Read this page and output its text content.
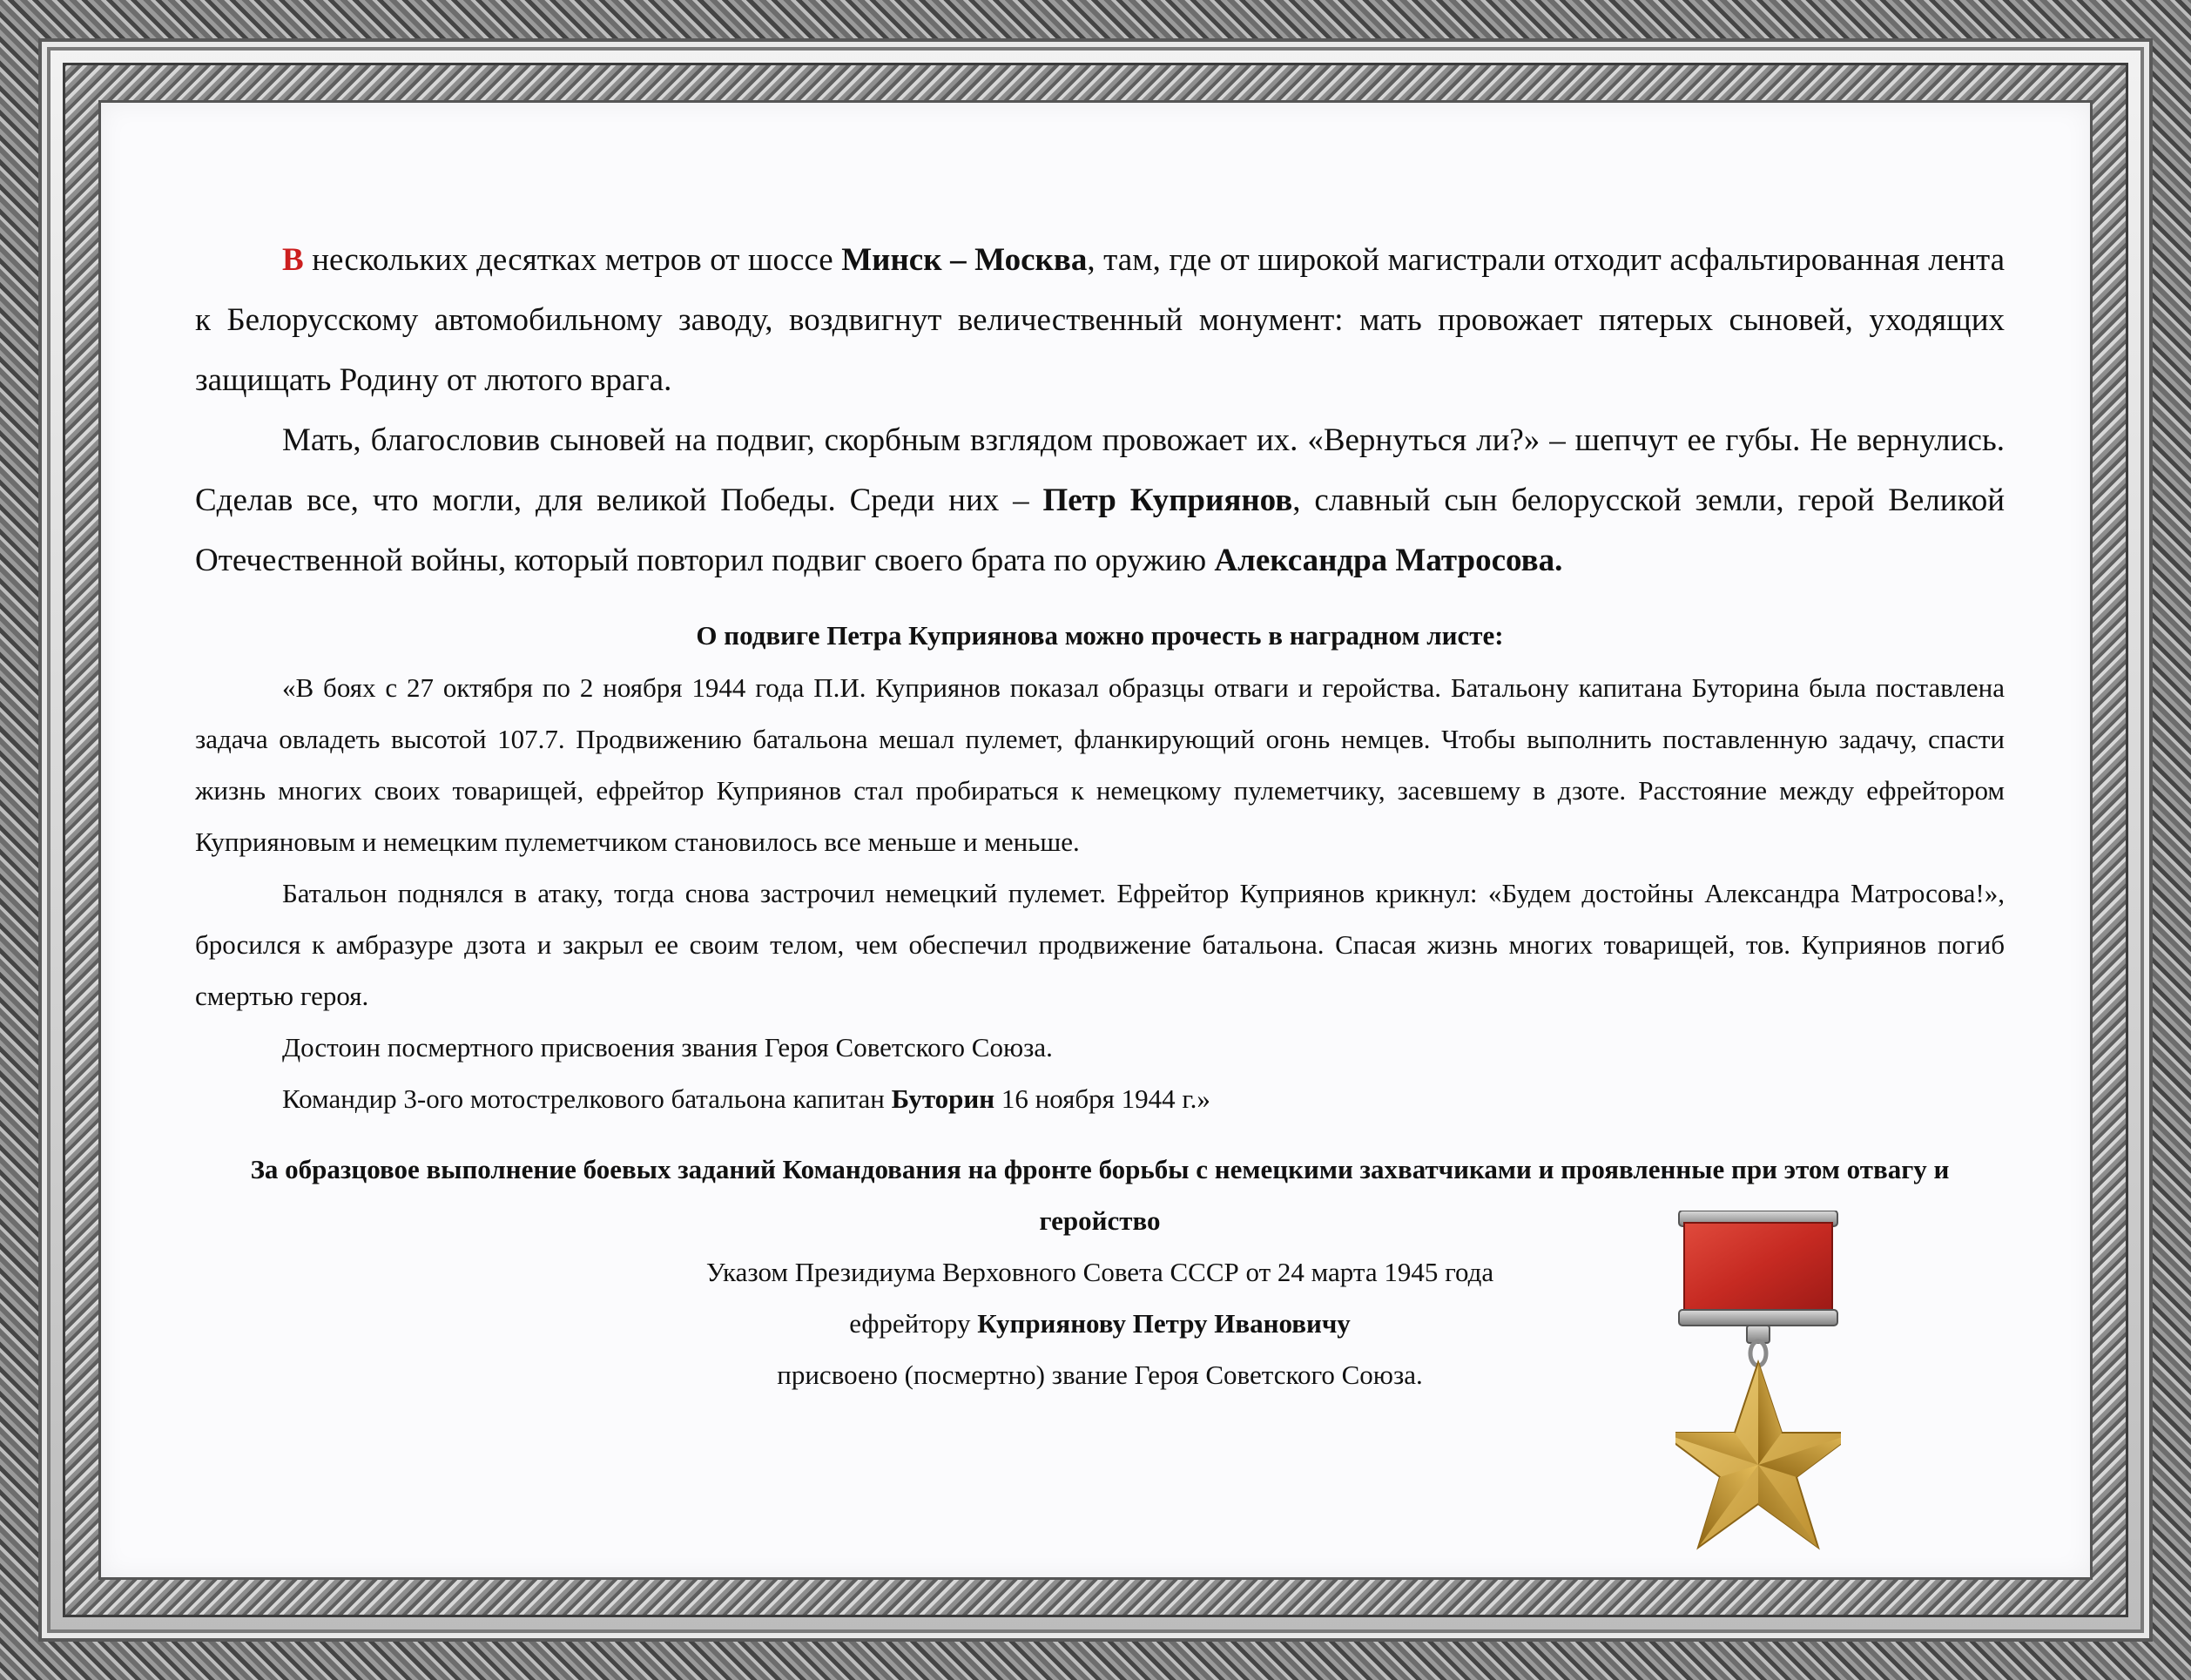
В нескольких десятках метров от шоссе Минск – Москва, там, где от широкой магистрали отходит асфальтированная лента к Белорусскому автомобильному заводу, воздвигнут величественный монумент: мать провожает пятерых сыновей, уходящих защищать Родину от лютого врага.

Мать, благословив сыновей на подвиг, скорбным взглядом провожает их. «Вернуться ли?» – шепчут ее губы. Не вернулись. Сделав все, что могли, для великой Победы. Среди них – Петр Куприянов, славный сын белорусской земли, герой Великой Отечественной войны, который повторил подвиг своего брата по оружию Александра Матросова.

О подвиге Петра Куприянова можно прочесть в наградном листе:

«В боях с 27 октября по 2 ноября 1944 года П.И. Куприянов показал образцы отваги и геройства. Батальону капитана Буторина была поставлена задача овладеть высотой 107.7. Продвижению батальона мешал пулемет, фланкирующий огонь немцев. Чтобы выполнить поставленную задачу, спасти жизнь многих своих товарищей, ефрейтор Куприянов стал пробираться к немецкому пулеметчику, засевшему в дзоте. Расстояние между ефрейтором Куприяновым и немецким пулеметчиком становилось все меньше и меньше.

Батальон поднялся в атаку, тогда снова застрочил немецкий пулемет. Ефрейтор Куприянов крикнул: «Будем достойны Александра Матросова!», бросился к амбразуре дзота и закрыл ее своим телом, чем обеспечил продвижение батальона. Спасая жизнь многих товарищей, тов. Куприянов погиб смертью героя.

Достоин посмертного присвоения звания Героя Советского Союза.

Командир 3-ого мотострелкового батальона капитан Буторин 16 ноября 1944 г.»

За образцовое выполнение боевых заданий Командования на фронте борьбы с немецкими захватчиками и проявленные при этом отвагу и геройство
Указом Президиума Верховного Совета СССР от 24 марта 1945 года
ефрейтору Куприянову Петру Ивановичу
присвоено (посмертно) звание Героя Советского Союза.
